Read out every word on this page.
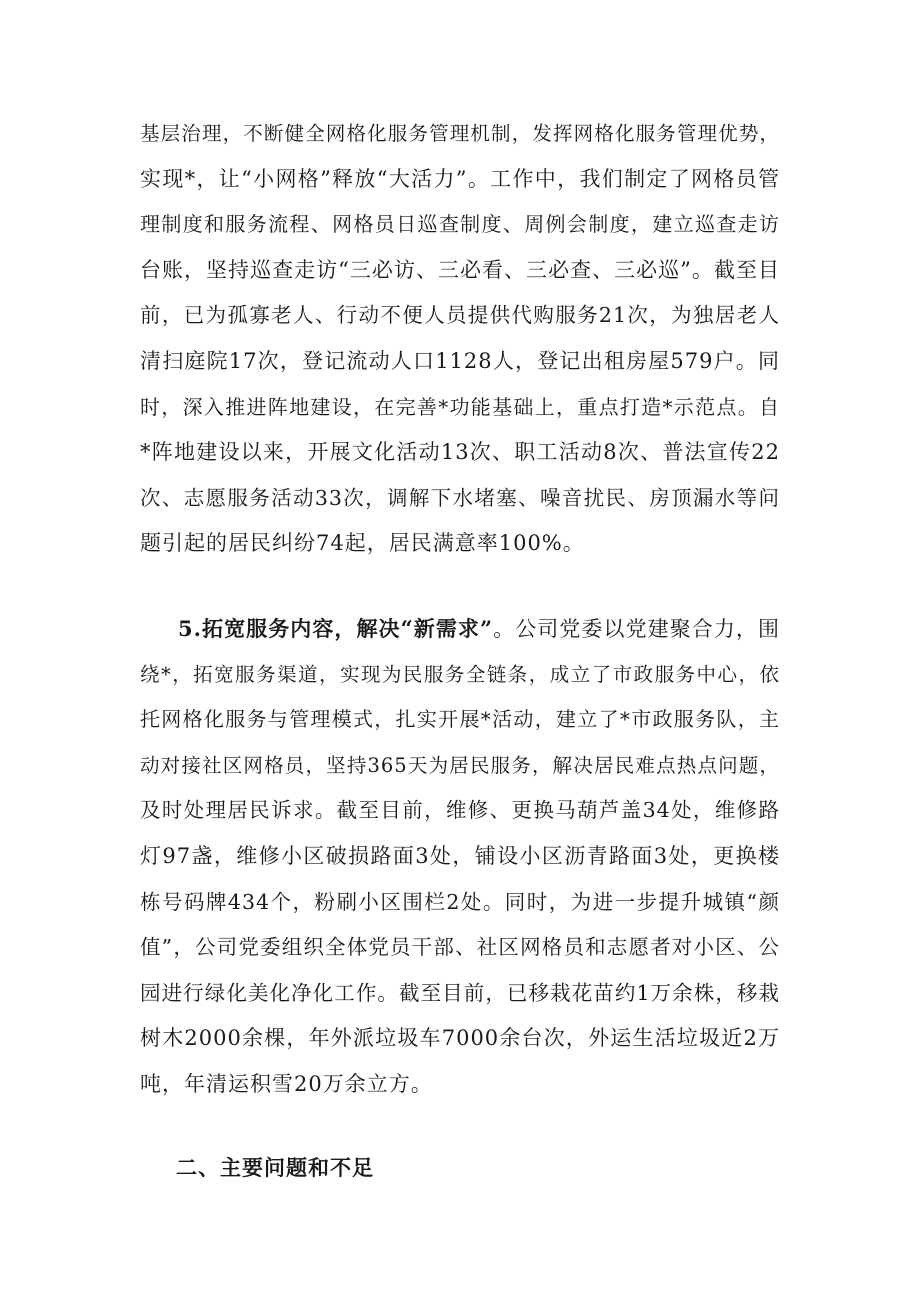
基层治理，不断健全网格化服务管理机制，发挥网格化服务管理优势，
实现*，让“小网格”释放“大活力”。工作中，我们制定了网格员管
理制度和服务流程、网格员日巡查制度、周例会制度，建立巡查走访
台账，坚持巡查走访“三必访、三必看、三必查、三必巡”。截至目
前，已为孤寡老人、行动不便人员提供代购服务21次，为独居老人
清扫庭院17次，登记流动人口1128人，登记出租房屋579户。同
时，深入推进阵地建设，在完善*功能基础上，重点打造*示范点。自
*阵地建设以来，开展文化活动13次、职工活动8次、普法宣传22
次、志愿服务活动33次，调解下水堵塞、噪音扰民、房顶漏水等问
题引起的居民纠纷74起，居民满意率100%。
5.拓宽服务内容，解决“新需求”。公司党委以党建聚合力，围
绕*，拓宽服务渠道，实现为民服务全链条，成立了市政服务中心，依
托网格化服务与管理模式，扎实开展*活动，建立了*市政服务队，主
动对接社区网格员，坚持365天为居民服务，解决居民难点热点问题，
及时处理居民诉求。截至目前，维修、更换马葫芦盖34处，维修路
灯97盏，维修小区破损路面3处，铺设小区沥青路面3处，更换楼
栋号码牌434个，粉刷小区围栏2处。同时，为进一步提升城镇“颜
值”，公司党委组织全体党员干部、社区网格员和志愿者对小区、公
园进行绿化美化净化工作。截至目前，已移栽花苗约1万余株，移栽
树木2000余棵，年外派垃圾车7000余台次，外运生活垃圾近2万
吨，年清运积雪20万余立方。
二、主要问题和不足
